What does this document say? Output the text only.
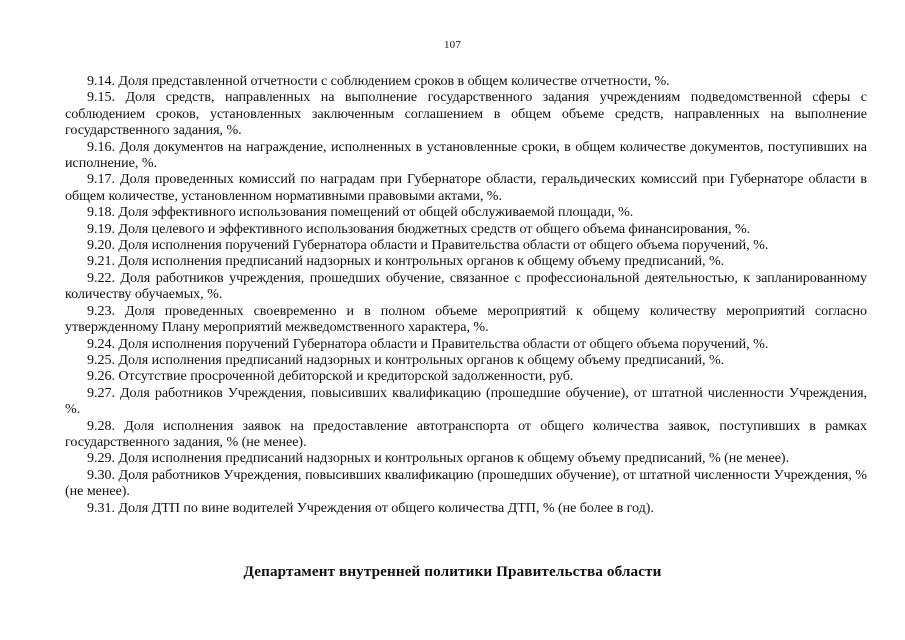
107

9.14. Доля представленной отчетности с соблюдением сроков в общем количестве отчетности, %.

9.15. Доля средств, направленных на выполнение государственного задания учреждениям подведомственной сферы с соблюдением сроков, установленных заключенным соглашением в общем объеме средств, направленных на выполнение государственного задания, %.

9.16. Доля документов на награждение, исполненных в установленные сроки, в общем количестве документов, поступивших на исполнение, %.

9.17. Доля проведенных комиссий по наградам при Губернаторе области, геральдических комиссий при Губернаторе области в общем количестве, установленном нормативными правовыми актами, %.

9.18. Доля эффективного использования помещений от общей обслуживаемой площади, %.

9.19. Доля целевого и эффективного использования бюджетных средств от общего объема финансирования, %.

9.20. Доля исполнения поручений Губернатора области и Правительства области от общего объема поручений, %.

9.21. Доля исполнения предписаний надзорных и контрольных органов к общему объему предписаний, %.

9.22. Доля работников учреждения, прошедших обучение, связанное с профессиональной деятельностью, к запланированному количеству обучаемых, %.

9.23. Доля проведенных своевременно и в полном объеме мероприятий к общему количеству мероприятий согласно утвержденному Плану мероприятий межведомственного характера, %.

9.24. Доля исполнения поручений Губернатора области и Правительства области от общего объема поручений, %.

9.25. Доля исполнения предписаний надзорных и контрольных органов к общему объему предписаний, %.

9.26. Отсутствие просроченной дебиторской и кредиторской задолженности, руб.

9.27. Доля работников Учреждения, повысивших квалификацию (прошедшие обучение), от штатной численности Учреждения, %.

9.28. Доля исполнения заявок на предоставление автотранспорта от общего количества заявок, поступивших в рамках государственного задания, % (не менее).

9.29. Доля исполнения предписаний надзорных и контрольных органов к общему объему предписаний, % (не менее).

9.30. Доля работников Учреждения, повысивших квалификацию (прошедших обучение), от штатной численности Учреждения, % (не менее).

9.31. Доля ДТП по вине водителей Учреждения от общего количества ДТП, % (не более в год).

Департамент внутренней политики Правительства области
